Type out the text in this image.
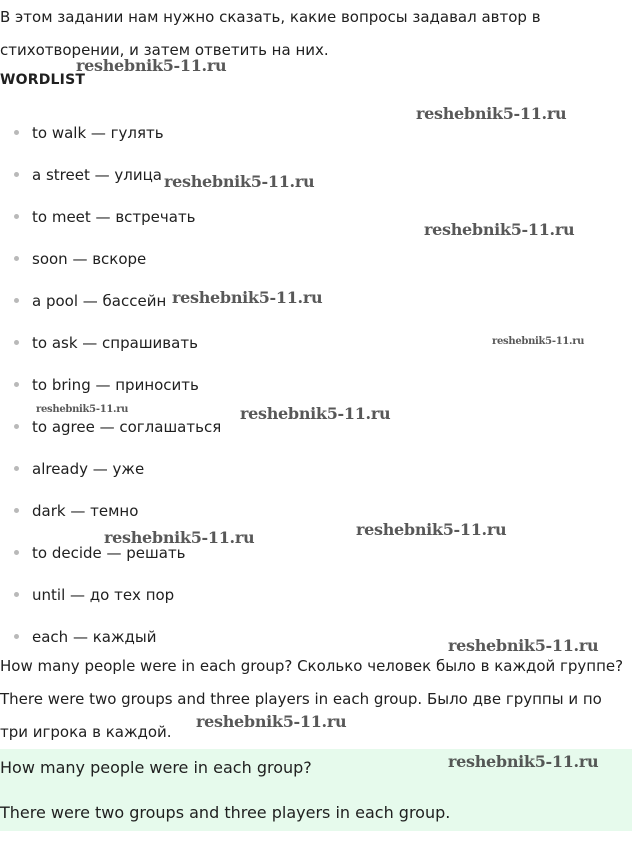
В этом задании нам нужно сказать, какие вопросы задавал автор в стихотворении, и затем ответить на них.

WORDLIST
to walk — гулять
a street — улица
to meet — встречать
soon — вскоре
a pool — бассейн
to ask — спрашивать
to bring — приносить
to agree — соглашаться
already — уже
dark — темно
to decide — решать
until — до тех пор
each — каждый

How many people were in each group? Сколько человек было в каждой группе?

There were two groups and three players in each group. Было две группы и по три игрока в каждой.

How many people were in each group?
There were two groups and three players in each group.
reshebnik5-11.ru
reshebnik5-11.ru
reshebnik5-11.ru
reshebnik5-11.ru
reshebnik5-11.ru
reshebnik5-11.ru
reshebnik5-11.ru	reshebnik5-11.ru
reshebnik5-11.ru
reshebnik5-11.ru
reshebnik5-11.ru
reshebnik5-11.ru
reshebnik5-11.ru
